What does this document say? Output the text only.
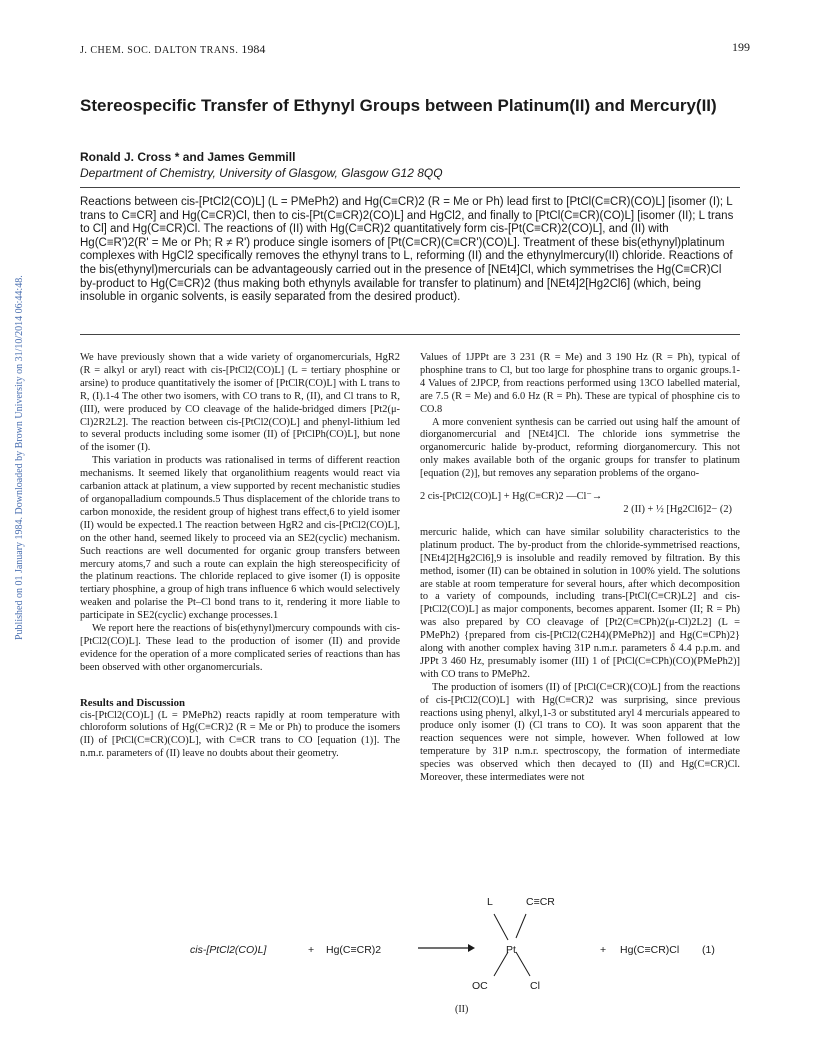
J. CHEM. SOC. DALTON TRANS. 1984	199
Published on 01 January 1984. Downloaded by Brown University on 31/10/2014 06:44:48.
Stereospecific Transfer of Ethynyl Groups between Platinum(II) and Mercury(II)
Ronald J. Cross * and James Gemmill
Department of Chemistry, University of Glasgow, Glasgow G12 8QQ
Reactions between cis-[PtCl2(CO)L] (L = PMePh2) and Hg(C≡CR)2 (R = Me or Ph) lead first to [PtCl(C≡CR)(CO)L] [isomer (I); L trans to C≡CR] and Hg(C≡CR)Cl, then to cis-[Pt(C≡CR)2(CO)L] and HgCl2, and finally to [PtCl(C≡CR)(CO)L] [isomer (II); L trans to Cl] and Hg(C≡CR)Cl. The reactions of (II) with Hg(C≡CR)2 quantitatively form cis-[Pt(C≡CR)2(CO)L], and (II) with Hg(C≡R')2(R' = Me or Ph; R ≠ R') produce single isomers of [Pt(C≡CR)(C≡CR')(CO)L]. Treatment of these bis(ethynyl)platinum complexes with HgCl2 specifically removes the ethynyl trans to L, reforming (II) and the ethynylmercury(II) chloride. Reactions of the bis(ethynyl)mercurials can be advantageously carried out in the presence of [NEt4]Cl, which symmetrises the Hg(C≡CR)Cl by-product to Hg(C≡CR)2 (thus making both ethynyls available for transfer to platinum) and [NEt4]2[Hg2Cl6] (which, being insoluble in organic solvents, is easily separated from the desired product).

We have previously shown that a wide variety of organomercurials, HgR2 (R = alkyl or aryl) react with cis-[PtCl2(CO)L] (L = tertiary phosphine or arsine) to produce quantitatively the isomer of [PtClR(CO)L] with L trans to R, (I).1-4 The other two isomers, with CO trans to R, (II), and Cl trans to R, (III), were produced by CO cleavage of the halide-bridged dimers [Pt2(μ-Cl)2R2L2]. The reaction between cis-[PtCl2(CO)L] and phenyl-lithium led to several products including some isomer (II) of [PtClPh(CO)L], but none of the isomer (I).

This variation in products was rationalised in terms of different reaction mechanisms. It seemed likely that organolithium reagents would react via carbanion attack at platinum, a view supported by recent mechanistic studies of organopalladium compounds.5 Thus displacement of the chloride trans to carbon monoxide, the resident group of highest trans effect,6 to yield isomer (II) would be expected.1 The reaction between HgR2 and cis-[PtCl2(CO)L], on the other hand, seemed likely to proceed via an SE2(cyclic) mechanism. Such reactions are well documented for organic group transfers between mercury atoms,7 and such a route can explain the high stereospecificity of the platinum reactions. The chloride replaced to give isomer (I) is opposite tertiary phosphine, a group of high trans influence 6 which would selectively weaken and polarise the Pt–Cl bond trans to it, rendering it more liable to participate in SE2(cyclic) exchange processes.1

We report here the reactions of bis(ethynyl)mercury compounds with cis-[PtCl2(CO)L]. These lead to the production of isomer (II) and provide evidence for the operation of a more complicated series of reactions than has been observed with other organomercurials.

Results and Discussion

cis-[PtCl2(CO)L] (L = PMePh2) reacts rapidly at room temperature with chloroform solutions of Hg(C≡CR)2 (R = Me or Ph) to produce the isomers (II) of [PtCl(C≡CR)(CO)L], with C≡CR trans to CO [equation (1)]. The n.m.r. parameters of (II) leave no doubts about their geometry.

Values of 1JPPt are 3 231 (R = Me) and 3 190 Hz (R = Ph), typical of phosphine trans to Cl, but too large for phosphine trans to organic groups.1-4 Values of 2JPCP, from reactions performed using 13CO labelled material, are 7.5 (R = Me) and 6.0 Hz (R = Ph). These are typical of phosphine cis to CO.8

A more convenient synthesis can be carried out using half the amount of diorganomercurial and [NEt4]Cl. The chloride ions symmetrise the organomercuric halide by-product, reforming diorganomercury. This not only makes available both of the organic groups for transfer to platinum [equation (2)], but removes any separation problems of the organo-

2 cis-[PtCl2(CO)L] + Hg(C≡CR)2 —Cl⁻→
2 (II) + ½ [Hg2Cl6]2− (2)

mercuric halide, which can have similar solubility characteristics to the platinum product. The by-product from the chloride-symmetrised reactions, [NEt4]2[Hg2Cl6],9 is insoluble and readily removed by filtration. By this method, isomer (II) can be obtained in solution in 100% yield. The solutions are stable at room temperature for several hours, after which decomposition to a variety of compounds, including trans-[PtCl(C≡CR)L2] and cis-[PtCl2(CO)L] as major components, becomes apparent. Isomer (II; R = Ph) was also prepared by CO cleavage of [Pt2(C≡CPh)2(μ-Cl)2L2] (L = PMePh2) {prepared from cis-[PtCl2(C2H4)(PMePh2)] and Hg(C≡CPh)2} along with another complex having 31P n.m.r. parameters δ 4.4 p.p.m. and JPPt 3 460 Hz, presumably isomer (III) 1 of [PtCl(C≡CPh)(CO)(PMePh2)] with CO trans to PMePh2.

The production of isomers (II) of [PtCl(C≡CR)(CO)L] from the reactions of cis-[PtCl2(CO)L] with Hg(C≡CR)2 was surprising, since previous reactions using phenyl, alkyl,1-3 or substituted aryl 4 mercurials appeared to produce only isomer (I) (Cl trans to CO). It was soon apparent that the reaction sequences were not simple, however. When followed at low temperature by 31P n.m.r. spectroscopy, the formation of intermediate species was observed which then decayed to (II) and Hg(C≡CR)Cl. Moreover, these intermediates were not

cis-[PtCl2(CO)L]	+ Hg(C≡CR)2
L	C≡CR
Pt
OC	Cl
+ Hg(C≡CR)Cl (1)
(II)
